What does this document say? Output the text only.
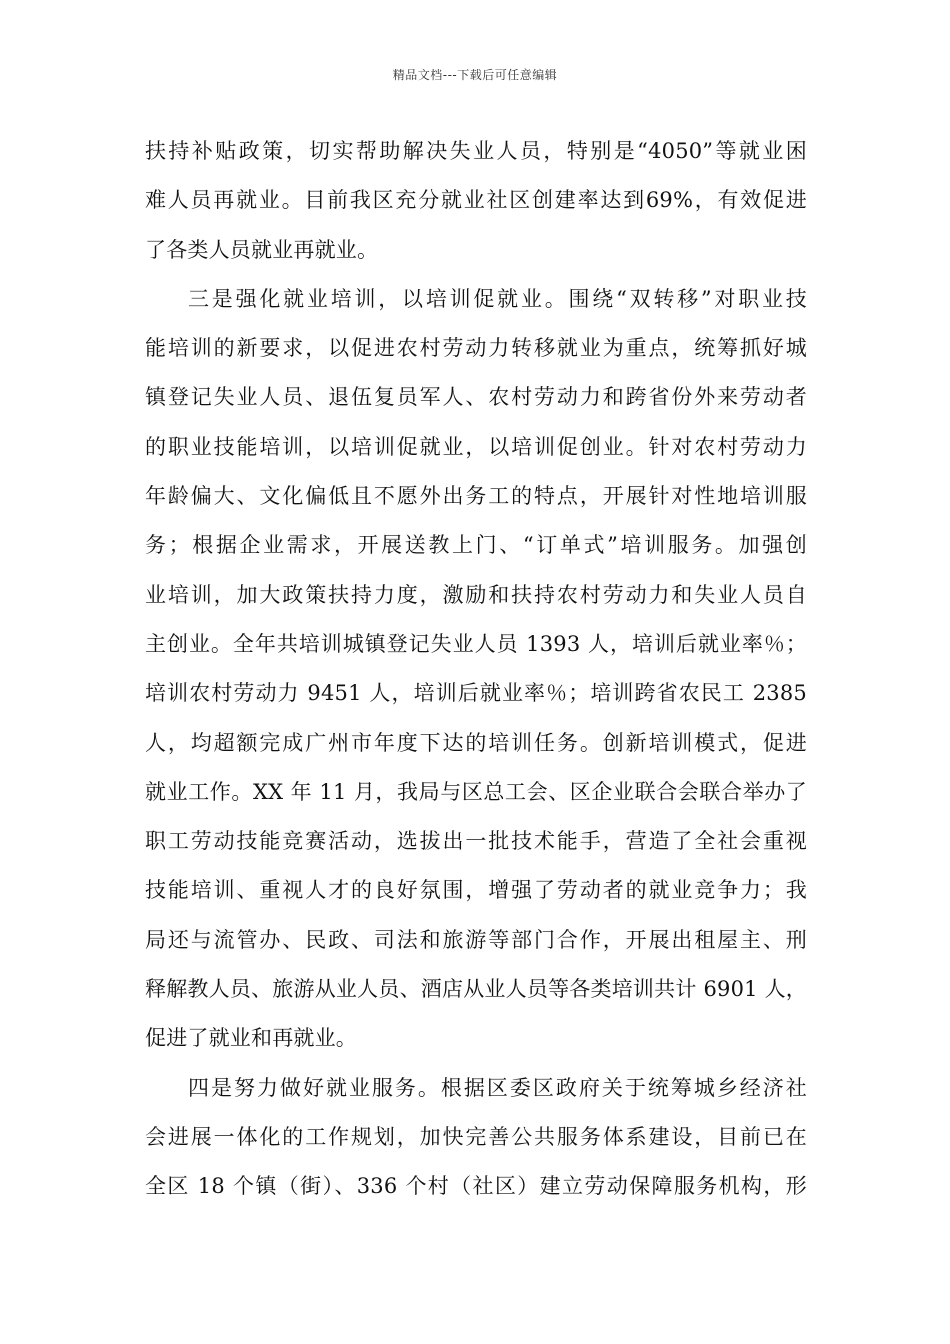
精品文档---下载后可任意编辑
扶持补贴政策，切实帮助解决失业人员，特别是“4050”等就业困
难人员再就业。目前我区充分就业社区创建率达到69%，有效促进
了各类人员就业再就业。
三是强化就业培训，以培训促就业。围绕“双转移”对职业技
能培训的新要求，以促进农村劳动力转移就业为重点，统筹抓好城
镇登记失业人员、退伍复员军人、农村劳动力和跨省份外来劳动者
的职业技能培训，以培训促就业，以培训促创业。针对农村劳动力
年龄偏大、文化偏低且不愿外出务工的特点，开展针对性地培训服
务；根据企业需求，开展送教上门、“订单式”培训服务。加强创
业培训，加大政策扶持力度，激励和扶持农村劳动力和失业人员自
主创业。全年共培训城镇登记失业人员 1393 人，培训后就业率％；
培训农村劳动力 9451 人，培训后就业率％；培训跨省农民工 2385
人，均超额完成广州市年度下达的培训任务。创新培训模式，促进
就业工作。XX 年 11 月，我局与区总工会、区企业联合会联合举办了
职工劳动技能竞赛活动，选拔出一批技术能手，营造了全社会重视
技能培训、重视人才的良好氛围，增强了劳动者的就业竞争力；我
局还与流管办、民政、司法和旅游等部门合作，开展出租屋主、刑
释解教人员、旅游从业人员、酒店从业人员等各类培训共计 6901 人，
促进了就业和再就业。
四是努力做好就业服务。根据区委区政府关于统筹城乡经济社
会进展一体化的工作规划，加快完善公共服务体系建设，目前已在
全区 18 个镇（街）、336 个村（社区）建立劳动保障服务机构，形
